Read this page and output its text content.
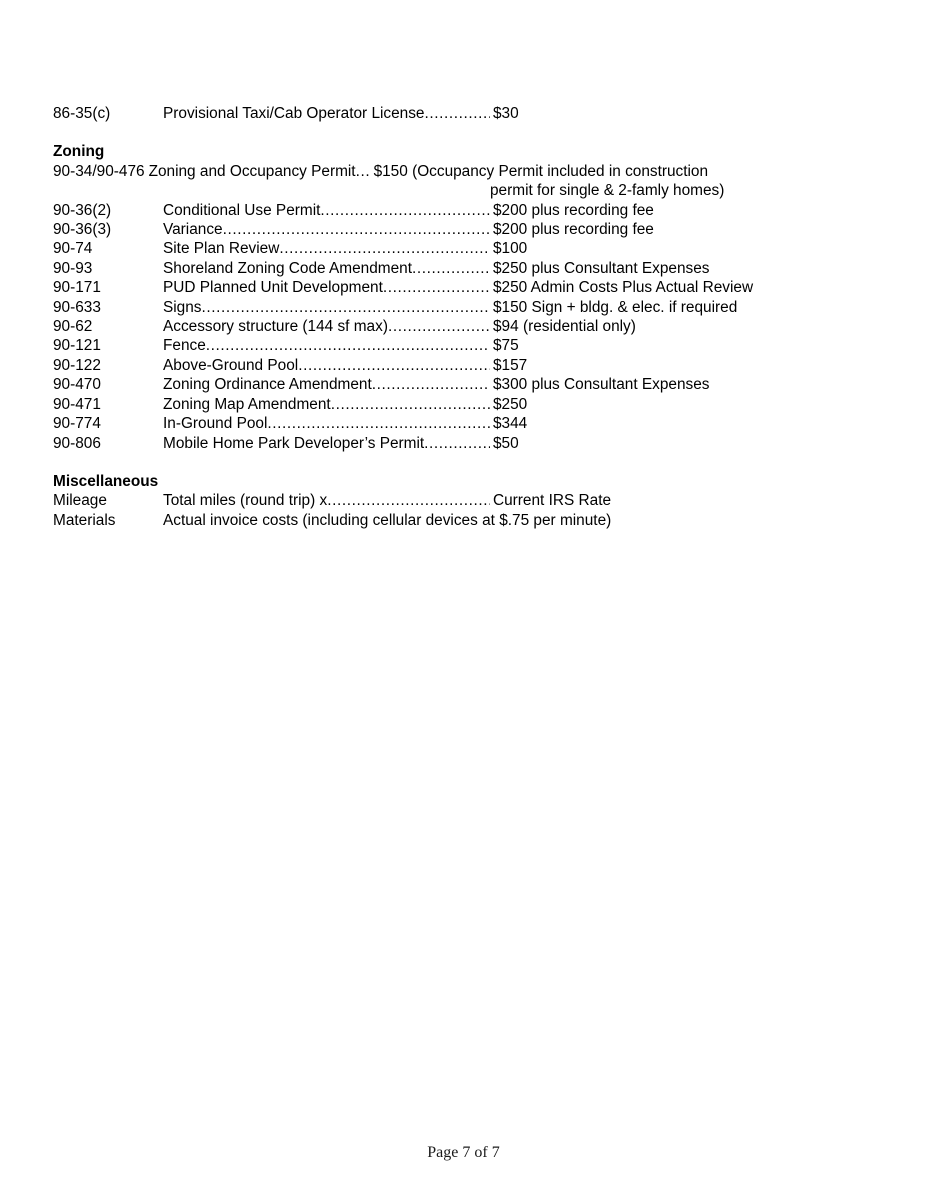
86-35(c)	Provisional Taxi/Cab Operator License .....	$30
Zoning
90-34/90-476 Zoning and Occupancy Permit ..... $150 (Occupancy Permit included in construction
permit for single & 2-famly homes)
90-36(2)	Conditional Use Permit .....	$200 plus recording fee
90-36(3)	Variance .....	$200 plus recording fee
90-74	Site Plan Review .....	$100
90-93	Shoreland Zoning Code Amendment .....	$250 plus Consultant Expenses
90-171	PUD Planned Unit Development .....	$250 Admin Costs Plus Actual Review
90-633	Signs .....	$150 Sign + bldg. & elec. if required
90-62	Accessory structure (144 sf max) .....	$94 (residential only)
90-121	Fence .....	$75
90-122	Above-Ground Pool .....	$157
90-470	Zoning Ordinance Amendment .....	$300 plus Consultant Expenses
90-471	Zoning Map Amendment .....	$250
90-774	In-Ground Pool .....	$344
90-806	Mobile Home Park Developer’s Permit .....	$50
Miscellaneous
Mileage	Total miles (round trip) x .....	Current IRS Rate
Materials	Actual invoice costs (including cellular devices at $.75 per minute)
Page 7 of 7
